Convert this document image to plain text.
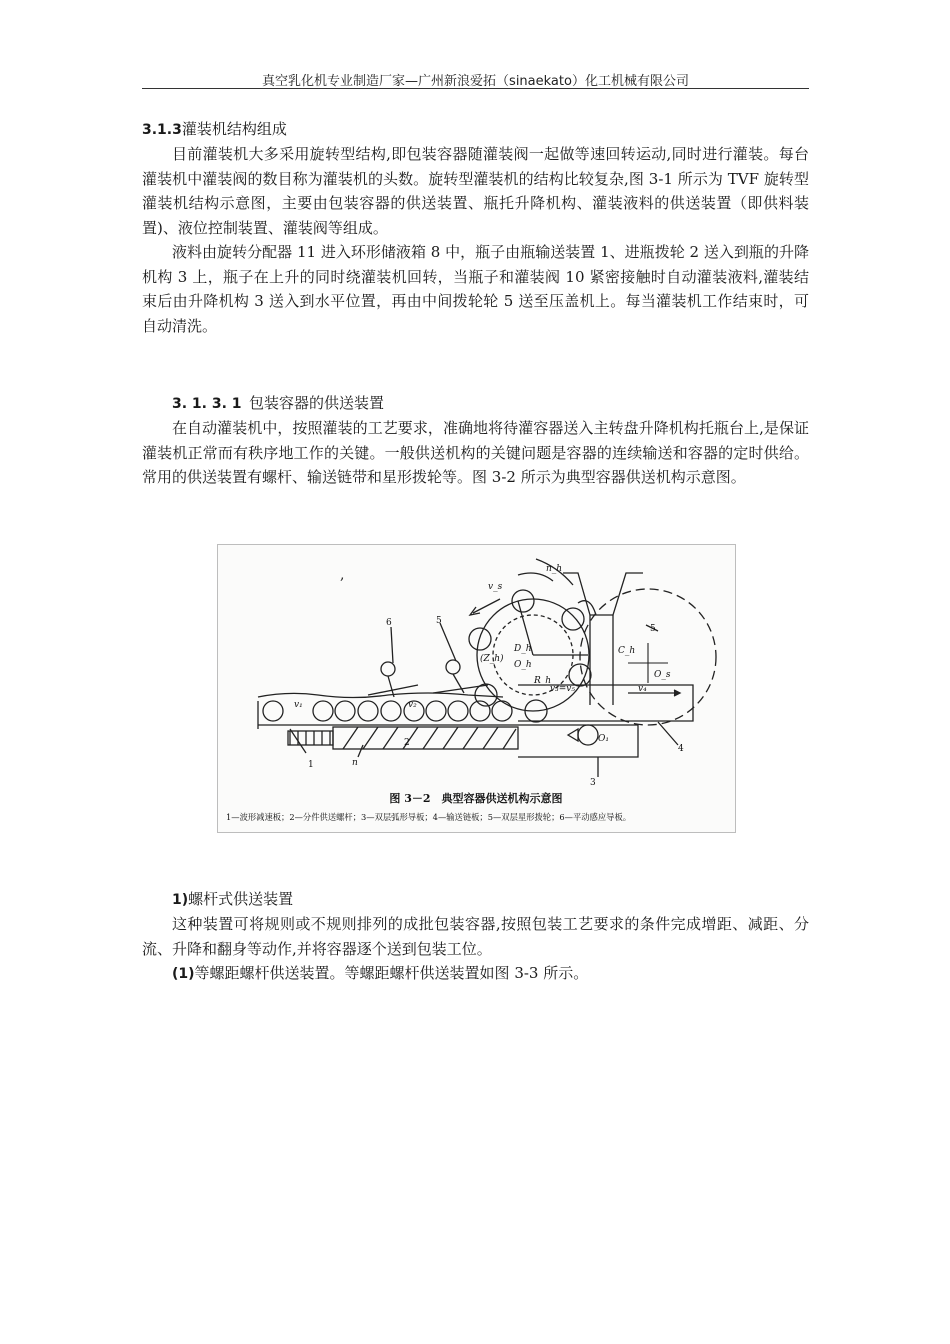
真空乳化机专业制造厂家—广州新浪爱拓（sinaekato）化工机械有限公司
3.1.3灌装机结构组成
目前灌装机大多采用旋转型结构,即包装容器随灌装阀一起做等速回转运动,同时进行灌装。每台灌装机中灌装阀的数目称为灌装机的头数。旋转型灌装机的结构比较复杂,图 3-1 所示为 TVF 旋转型灌装机结构示意图，主要由包装容器的供送装置、瓶托升降机构、灌装液料的供送装置（即供料装置)、液位控制装置、灌装阀等组成。
液料由旋转分配器 11 进入环形储液箱 8 中，瓶子由瓶输送装置 1、进瓶拨轮 2 送入到瓶的升降机构 3 上，瓶子在上升的同时绕灌装机回转，当瓶子和灌装阀 10 紧密接触时自动灌装液料,灌装结束后由升降机构 3 送入到水平位置，再由中间拨轮轮 5 送至压盖机上。每当灌装机工作结束时，可自动清洗。
3. 1. 3. 1  包装容器的供送装置
在自动灌装机中，按照灌装的工艺要求，准确地将待灌容器送入主转盘升降机构托瓶台上,是保证灌装机正常而有秩序地工作的关键。一般供送机构的关键问题是容器的连续输送和容器的定时供给。常用的供送装置有螺杆、输送链带和星形拨轮等。图 3-2 所示为典型容器供送机构示意图。
,
1
2
3
4
5
5
6
v₁	v₂
v₃=v₅	v₄
v_s
n_h
C_h
D_h
O_s
O_h
O₁
(Z_h)
n
R_h
图 3－2　典型容器供送机构示意图
1—波形减速板；2—分件供送螺杆；3—双层弧形导板；4—输送链板；5—双层星形拨轮；6—平动感应导板。
1)螺杆式供送装置
这种装置可将规则或不规则排列的成批包装容器,按照包装工艺要求的条件完成增距、减距、分流、升降和翻身等动作,并将容器逐个送到包装工位。
(1)等螺距螺杆供送装置。等螺距螺杆供送装置如图 3-3 所示。
